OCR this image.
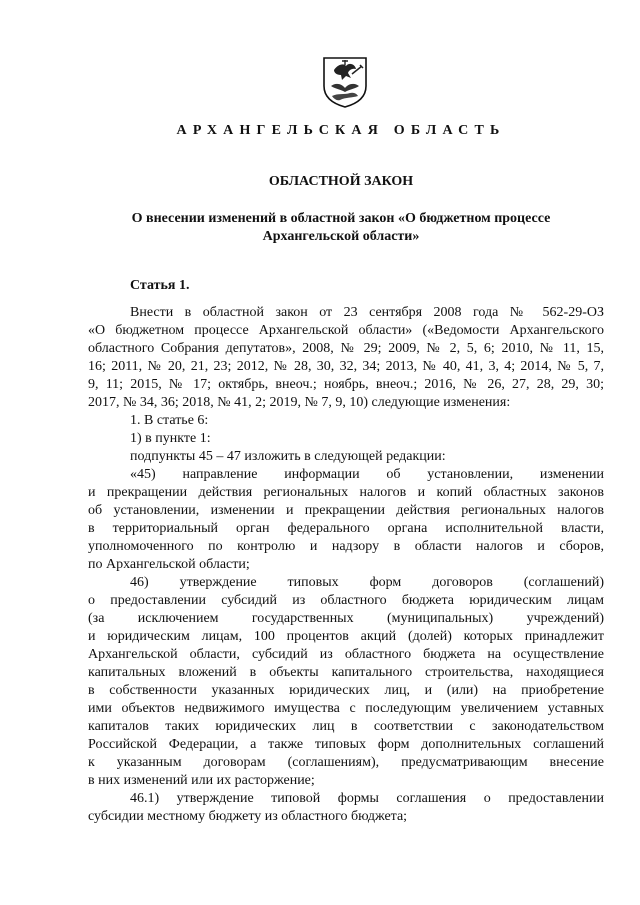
АРХАНГЕЛЬСКАЯ ОБЛАСТЬ
ОБЛАСТНОЙ ЗАКОН
О внесении изменений в областной закон «О бюджетном процессе
Архангельской области»
Статья 1.

Внести в областной закон от 23 сентября 2008 года № 562-29-ОЗ

«О бюджетном процессе Архангельской области» («Ведомости Архангельского

областного Собрания депутатов», 2008, № 29; 2009, № 2, 5, 6; 2010, № 11, 15,

16; 2011, № 20, 21, 23; 2012, № 28, 30, 32, 34; 2013, № 40, 41, 3, 4; 2014, № 5, 7,

9, 11; 2015, № 17; октябрь, внеоч.; ноябрь, внеоч.; 2016, № 26, 27, 28, 29, 30;

2017, № 34, 36; 2018, № 41, 2; 2019, № 7, 9, 10) следующие изменения:

1. В статье 6:

1) в пункте 1:

подпункты 45 – 47 изложить в следующей редакции:

«45) направление информации об установлении, изменении

и прекращении действия региональных налогов и копий областных законов

об установлении, изменении и прекращении действия региональных налогов

в территориальный орган федерального органа исполнительной власти,

уполномоченного по контролю и надзору в области налогов и сборов,

по Архангельской области;

46) утверждение типовых форм договоров (соглашений)

о предоставлении субсидий из областного бюджета юридическим лицам

(за исключением государственных (муниципальных) учреждений)

и юридическим лицам, 100 процентов акций (долей) которых принадлежит

Архангельской области, субсидий из областного бюджета на осуществление

капитальных вложений в объекты капитального строительства, находящиеся

в собственности указанных юридических лиц, и (или) на приобретение

ими объектов недвижимого имущества с последующим увеличением уставных

капиталов таких юридических лиц в соответствии с законодательством

Российской Федерации, а также типовых форм дополнительных соглашений

к указанным договорам (соглашениям), предусматривающим внесение

в них изменений или их расторжение;

46.1) утверждение типовой формы соглашения о предоставлении

субсидии местному бюджету из областного бюджета;
